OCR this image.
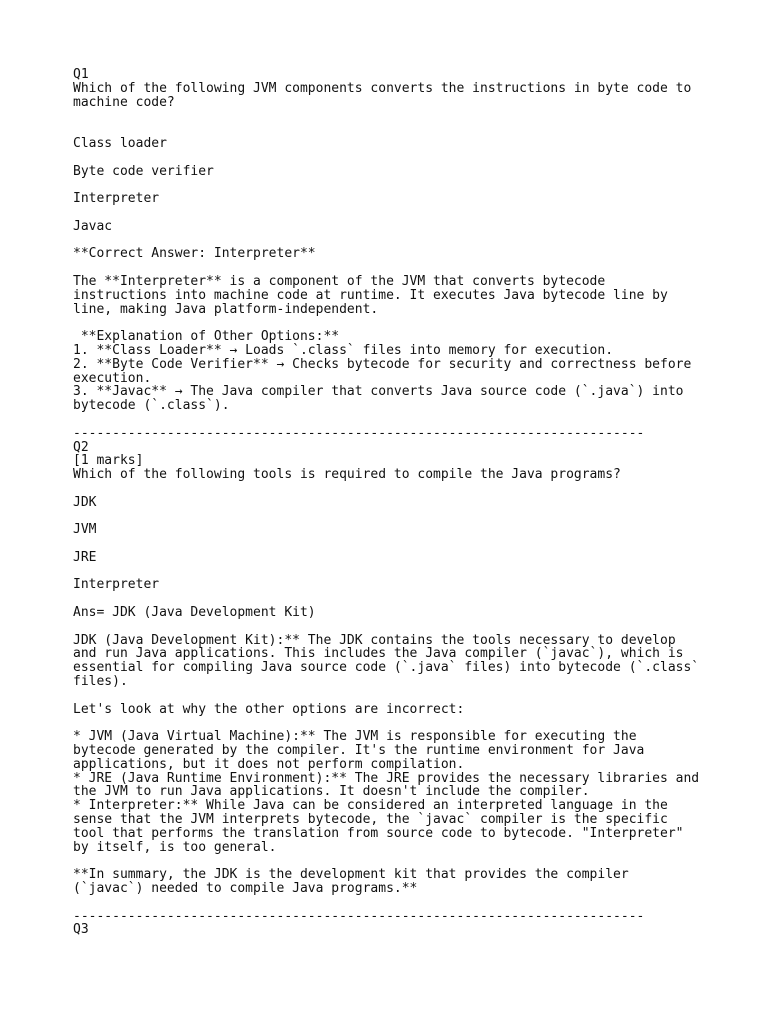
Q1
Which of the following JVM components converts the instructions in byte code to
machine code?
Class loader
Byte code verifier
Interpreter
Javac
**Correct Answer: Interpreter**
The **Interpreter** is a component of the JVM that converts bytecode
instructions into machine code at runtime. It executes Java bytecode line by
line, making Java platform-independent.
**Explanation of Other Options:**
1. **Class Loader** → Loads `.class` files into memory for execution.
2. **Byte Code Verifier** → Checks bytecode for security and correctness before
execution.
3. **Javac** → The Java compiler that converts Java source code (`.java`) into
bytecode (`.class`).
-------------------------------------------------------------------------
Q2
[1 marks]
Which of the following tools is required to compile the Java programs?
JDK
JVM
JRE
Interpreter
Ans= JDK (Java Development Kit)
JDK (Java Development Kit):** The JDK contains the tools necessary to develop
and run Java applications. This includes the Java compiler (`javac`), which is
essential for compiling Java source code (`.java` files) into bytecode (`.class`
files).
Let's look at why the other options are incorrect:
* JVM (Java Virtual Machine):** The JVM is responsible for executing the
bytecode generated by the compiler. It's the runtime environment for Java
applications, but it does not perform compilation.
* JRE (Java Runtime Environment):** The JRE provides the necessary libraries and
the JVM to run Java applications. It doesn't include the compiler.
* Interpreter:** While Java can be considered an interpreted language in the
sense that the JVM interprets bytecode, the `javac` compiler is the specific
tool that performs the translation from source code to bytecode. "Interpreter"
by itself, is too general.
**In summary, the JDK is the development kit that provides the compiler
(`javac`) needed to compile Java programs.**
-------------------------------------------------------------------------
Q3
